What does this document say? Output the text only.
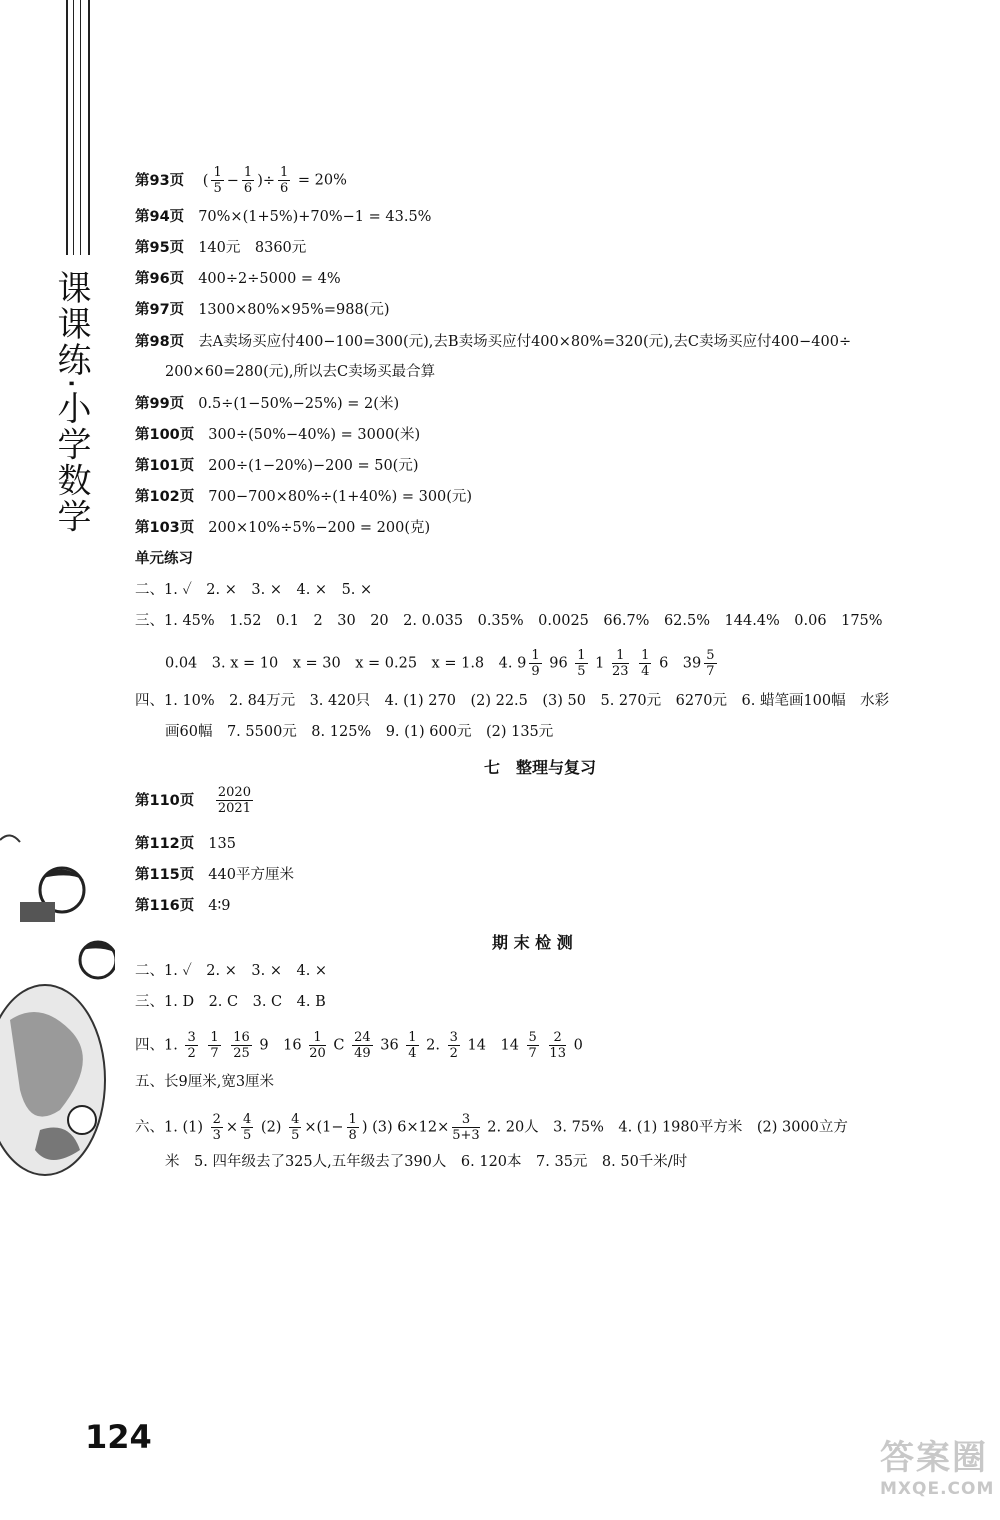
课课练·小学数学
第93页 ( $\frac{1}{5} - \frac{1}{6}$ )÷ $\frac{1}{6} = 20\%$
第94页 70%×(1+5%)+70%−1 = 43.5%
第95页 140元　8360元
第96页 400÷2÷5000 = 4%
第97页 1300×80%×95%=988(元)
第98页 去A卖场买应付400−100=300(元),去B卖场买应付400×80%=320(元),去C卖场买应付400−400÷
200×60=280(元),所以去C卖场买最合算
第99页 0.5÷(1−50%−25%) = 2(米)
第100页 300÷(50%−40%) = 3000(米)
第101页 200÷(1−20%)−200 = 50(元)
第102页 700−700×80%÷(1+40%) = 300(元)
第103页 200×10%÷5%−200 = 200(克)
单元练习
二、1. ✓　2. ×　3. ×　4. ×　5. ×
三、1. 45%　1.52　0.1　2　30　20　2. 0.035　0.35%　0.0025　66.7%　62.5%　144.4%　0.06　175%
0.04　3. x = 10　x = 30　x = 0.25　x = 1.8　4. $9 \frac{1}{9} 96 \frac{1}{5} 1 \frac{1}{23}$
$\frac{1}{4} 6$　$39 \frac{5}{7}$
四、1. 10%　2. 84万元　3. 420只　4. (1) 270　(2) 22.5　(3) 50　5. 270元　6270元　6. 蜡笔画100幅　水彩
画60幅　7. 5500元　8. 125%　9. (1) 600元　(2) 135元
七　整理与复习
第110页 $\frac{2020}{2021}$
第112页 135
第115页 440平方厘米
第116页 4∶9
期 末 检 测
二、1. ✓　2. ×　3. ×　4. ×
三、1. D　2. C　3. C　4. B
四、1. $\frac{3}{2}$
$\frac{1}{7}$
$\frac{16}{25} 9$　$16 \frac{1}{20}$ C $\frac{24}{49} 36 \frac{1}{4} 2$. $\frac{3}{2} 14$　$14 \frac{5}{7}$
$\frac{2}{13} 0$
五、长9厘米,宽3厘米
六、1. $(1) \frac{2}{3} \times \frac{4}{5} (2) \frac{4}{5} \times(1- \frac{1}{8}$ ) (3) $6\times 12\times \frac{3}{5+3} 2$. 20人　3. 75%　4. (1) 1980平方米　(2) 3000立方
米　5. 四年级去了325人,五年级去了390人　6. 120本　7. 35元　8. 50千米/时
124
答案圈
MXQE.COM
